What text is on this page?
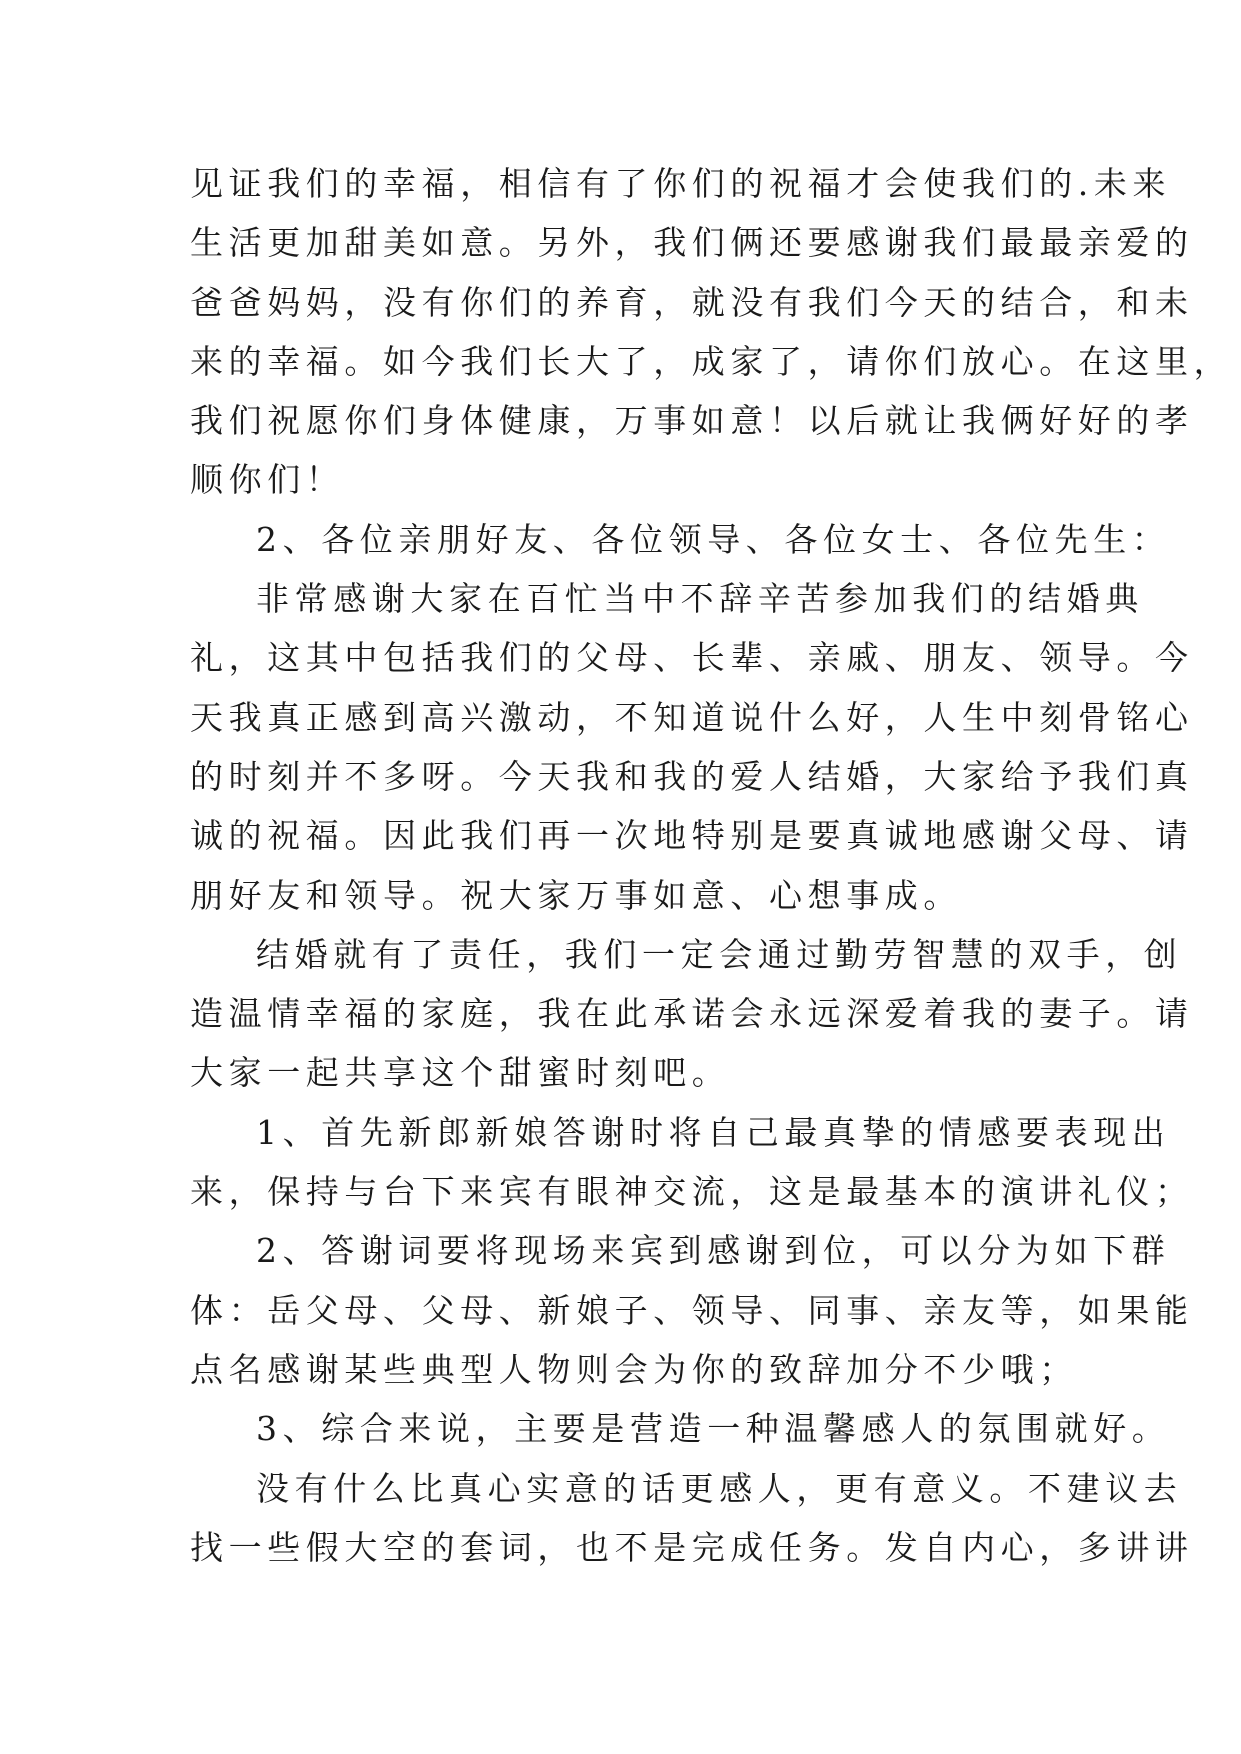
见证我们的幸福，相信有了你们的祝福才会使我们的.未来
生活更加甜美如意。另外，我们俩还要感谢我们最最亲爱的
爸爸妈妈，没有你们的养育，就没有我们今天的结合，和未
来的幸福。如今我们长大了，成家了，请你们放心。在这里，
我们祝愿你们身体健康，万事如意！以后就让我俩好好的孝
顺你们！
2、各位亲朋好友、各位领导、各位女士、各位先生：
非常感谢大家在百忙当中不辞辛苦参加我们的结婚典
礼，这其中包括我们的父母、长辈、亲戚、朋友、领导。今
天我真正感到高兴激动，不知道说什么好，人生中刻骨铭心
的时刻并不多呀。今天我和我的爱人结婚，大家给予我们真
诚的祝福。因此我们再一次地特别是要真诚地感谢父母、请
朋好友和领导。祝大家万事如意、心想事成。
结婚就有了责任，我们一定会通过勤劳智慧的双手，创
造温情幸福的家庭，我在此承诺会永远深爱着我的妻子。请
大家一起共享这个甜蜜时刻吧。
1、首先新郎新娘答谢时将自己最真挚的情感要表现出
来，保持与台下来宾有眼神交流，这是最基本的演讲礼仪；
2、答谢词要将现场来宾到感谢到位，可以分为如下群
体：岳父母、父母、新娘子、领导、同事、亲友等，如果能
点名感谢某些典型人物则会为你的致辞加分不少哦；
3、综合来说，主要是营造一种温馨感人的氛围就好。
没有什么比真心实意的话更感人，更有意义。不建议去
找一些假大空的套词，也不是完成任务。发自内心，多讲讲
